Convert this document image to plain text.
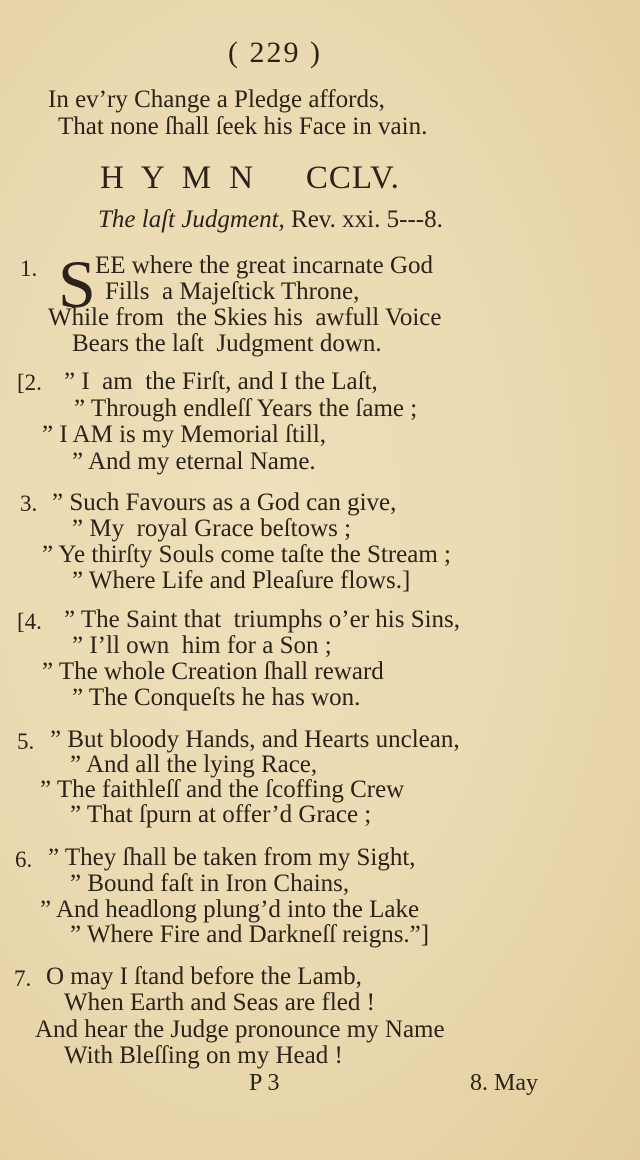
( 229 )
In ev’ry Change a Pledge affords,
That none ſhall ſeek his Face in vain.
H Y M N   CCLV.
The laſt Judgment, Rev. xxi. 5---8.
1. S EE where the great incarnate God
Fills  a Majeſtick Throne,
While from  the Skies his  awfull Voice
Bears the laſt  Judgment down.
[2. ” I  am  the Firſt, and I the Laſt,
” Through endleſſ Years the ſame ;
” I AM is my Memorial ſtill,
” And my eternal Name.
3. ” Such Favours as a God can give,
” My  royal Grace beſtows ;
” Ye thirſty Souls come taſte the Stream ;
” Where Life and Pleaſure flows.]
[4. ” The Saint that  triumphs o’er his Sins,
” I’ll own  him for a Son ;
” The whole Creation ſhall reward
” The Conqueſts he has won.
5. ” But bloody Hands, and Hearts unclean,
” And all the lying Race,
” The faithleſſ and the ſcoffing Crew
” That ſpurn at offer’d Grace ;
6. ” They ſhall be taken from my Sight,
” Bound faſt in Iron Chains,
” And headlong plung’d into the Lake
” Where Fire and Darkneſſ reigns.”]
7. O may I ſtand before the Lamb,
When Earth and Seas are fled !
And hear the Judge pronounce my Name
With Bleſſing on my Head !
P 3	8. May
